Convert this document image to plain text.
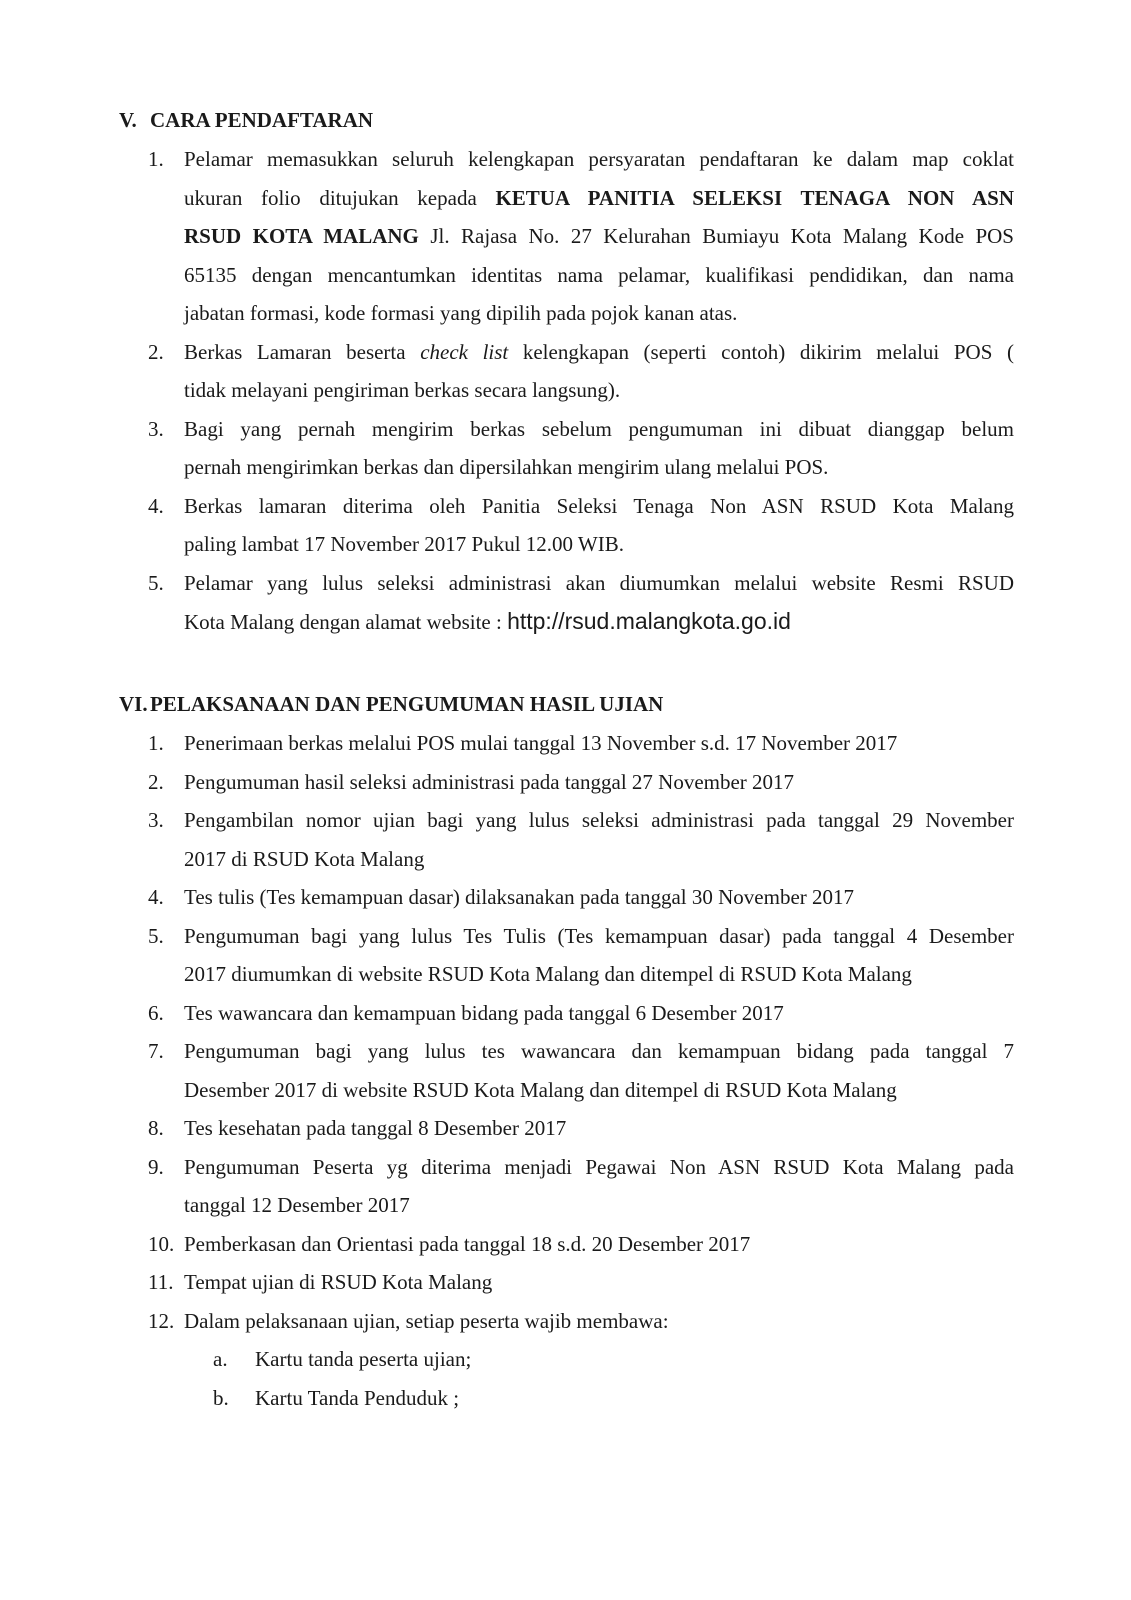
V. CARA PENDAFTARAN
1. Pelamar memasukkan seluruh kelengkapan persyaratan pendaftaran ke dalam map coklat
ukuran folio ditujukan kepada KETUA PANITIA SELEKSI TENAGA NON ASN
RSUD KOTA MALANG Jl. Rajasa No. 27 Kelurahan Bumiayu Kota Malang Kode POS
65135 dengan mencantumkan identitas nama pelamar, kualifikasi pendidikan, dan nama
jabatan formasi, kode formasi yang dipilih pada pojok kanan atas.
2. Berkas Lamaran beserta check list kelengkapan (seperti contoh) dikirim melalui POS (
tidak melayani pengiriman berkas secara langsung).
3. Bagi yang pernah mengirim berkas sebelum pengumuman ini dibuat dianggap belum
pernah mengirimkan berkas dan dipersilahkan mengirim ulang melalui POS.
4. Berkas lamaran diterima oleh Panitia Seleksi Tenaga Non ASN RSUD Kota Malang
paling lambat 17 November 2017 Pukul 12.00 WIB.
5. Pelamar yang lulus seleksi administrasi akan diumumkan melalui website Resmi RSUD
Kota Malang dengan alamat website : http://rsud.malangkota.go.id
VI. PELAKSANAAN DAN PENGUMUMAN HASIL UJIAN
1. Penerimaan berkas melalui POS mulai tanggal 13 November s.d. 17 November 2017
2. Pengumuman hasil seleksi administrasi pada tanggal 27 November 2017
3. Pengambilan nomor ujian bagi yang lulus seleksi administrasi pada tanggal 29 November
2017 di RSUD Kota Malang
4. Tes tulis (Tes kemampuan dasar) dilaksanakan pada tanggal 30 November 2017
5. Pengumuman bagi yang lulus Tes Tulis (Tes kemampuan dasar) pada tanggal 4 Desember
2017 diumumkan di website RSUD Kota Malang dan ditempel di RSUD Kota Malang
6. Tes wawancara dan kemampuan bidang pada tanggal 6 Desember 2017
7. Pengumuman bagi yang lulus tes wawancara dan kemampuan bidang pada tanggal 7
Desember 2017 di website RSUD Kota Malang dan ditempel di RSUD Kota Malang
8. Tes kesehatan pada tanggal 8 Desember 2017
9. Pengumuman Peserta yg diterima menjadi Pegawai Non ASN RSUD Kota Malang pada
tanggal 12 Desember 2017
10. Pemberkasan dan Orientasi pada tanggal 18 s.d. 20 Desember 2017
11. Tempat ujian di RSUD Kota Malang
12. Dalam pelaksanaan ujian, setiap peserta wajib membawa:
a. Kartu tanda peserta ujian;
b. Kartu Tanda Penduduk ;
